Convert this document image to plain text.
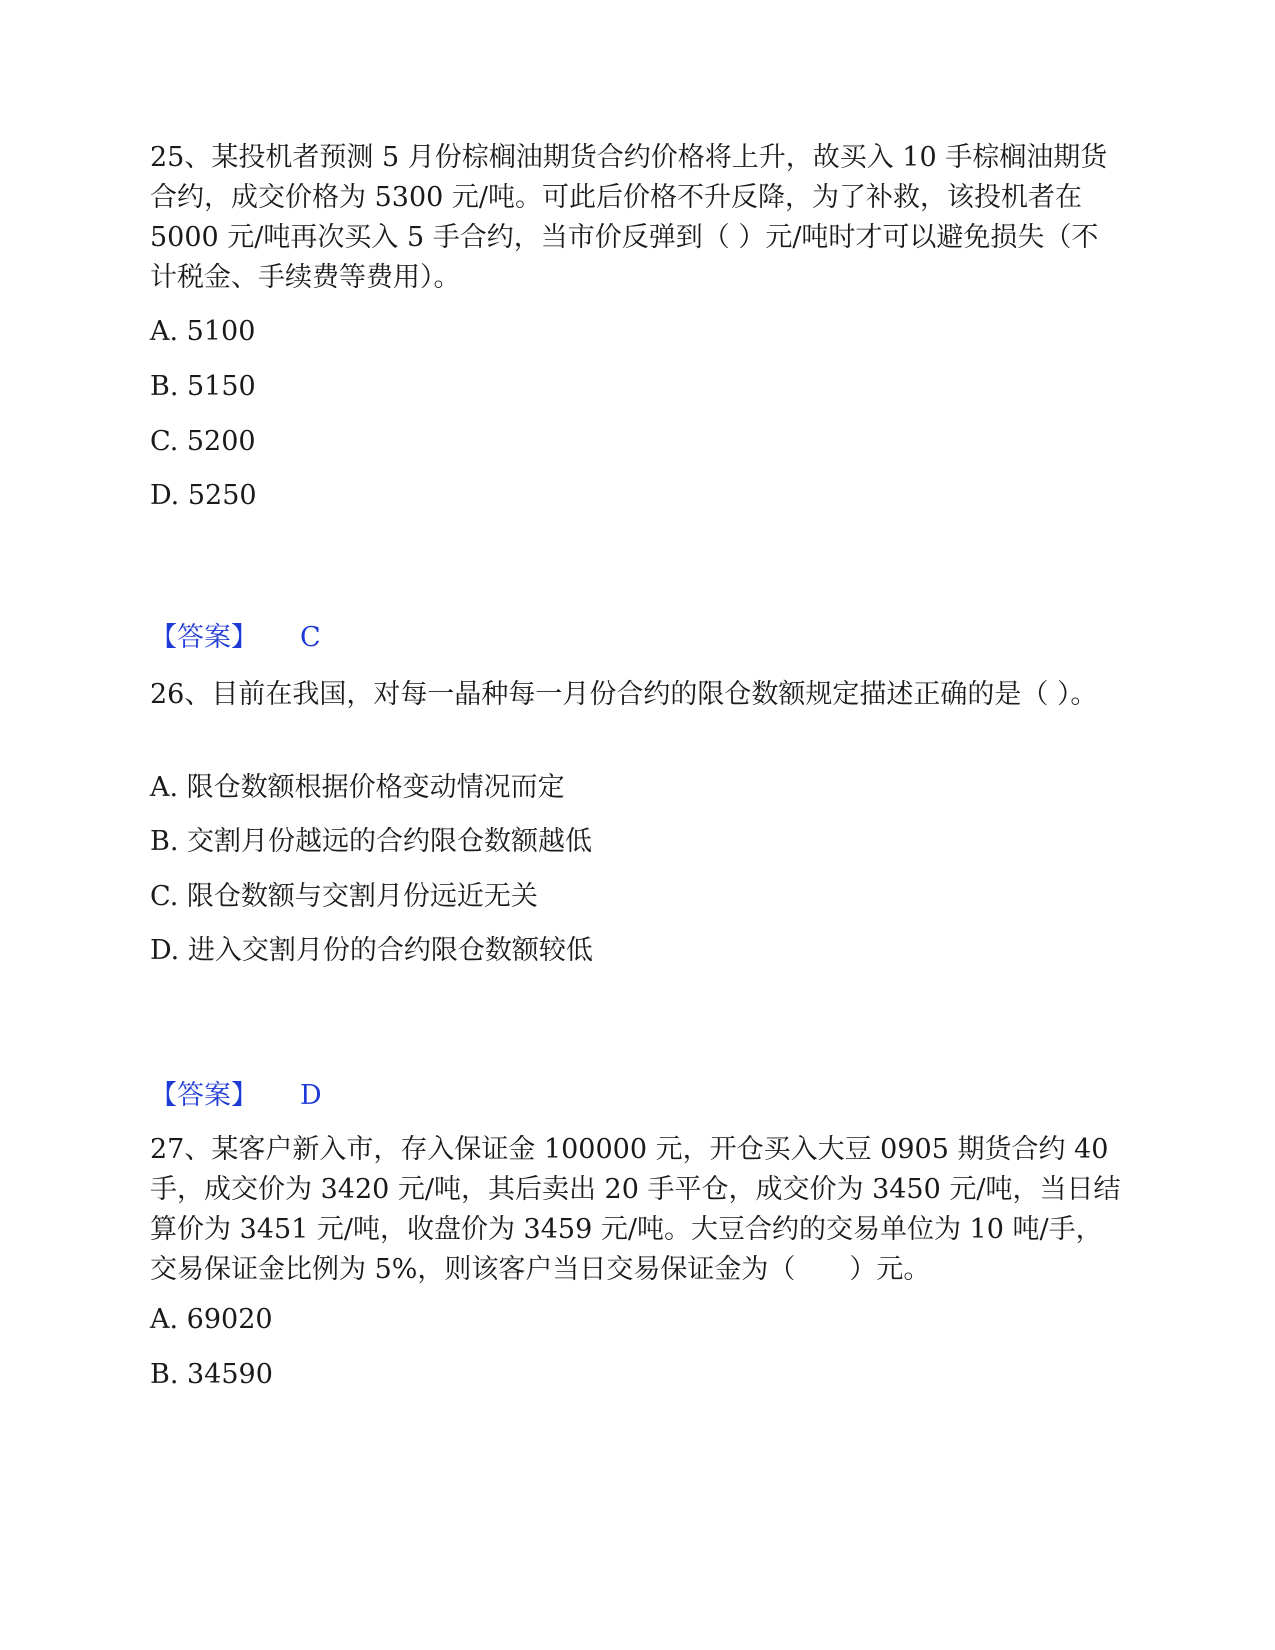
25、某投机者预测 5 月份棕榈油期货合约价格将上升，故买入 10 手棕榈油期货合约，成交价格为 5300 元/吨。可此后价格不升反降，为了补救，该投机者在 5000 元/吨再次买入 5 手合约，当市价反弹到（ ）元/吨时才可以避免损失（不计税金、手续费等费用）。

A. 5100

B. 5150

C. 5200

D. 5250

【答案】 C

26、目前在我国，对每一晶种每一月份合约的限仓数额规定描述正确的是（ ）。

A. 限仓数额根据价格变动情况而定

B. 交割月份越远的合约限仓数额越低

C. 限仓数额与交割月份远近无关

D. 进入交割月份的合约限仓数额较低

【答案】 D

27、某客户新入市，存入保证金 100000 元，开仓买入大豆 0905 期货合约 40 手，成交价为 3420 元/吨，其后卖出 20 手平仓，成交价为 3450 元/吨，当日结算价为 3451 元/吨，收盘价为 3459 元/吨。大豆合约的交易单位为 10 吨/手，交易保证金比例为 5%，则该客户当日交易保证金为（　　）元。

A. 69020

B. 34590
